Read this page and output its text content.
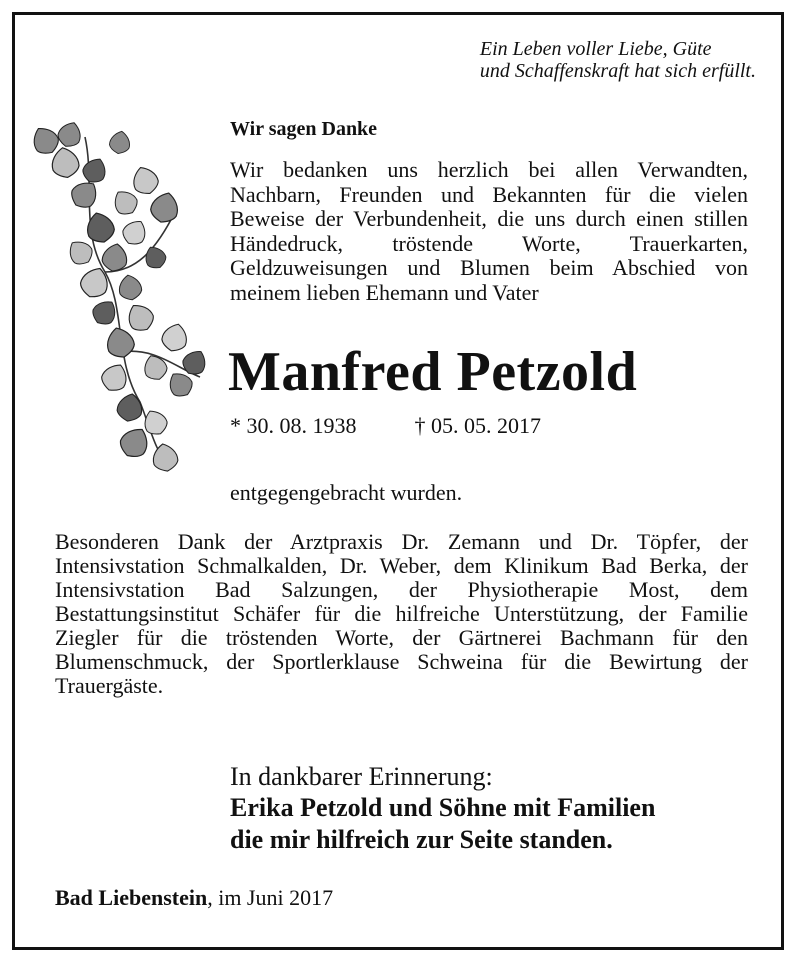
Ein Leben voller Liebe, Güte
und Schaffenskraft hat sich erfüllt.
Wir sagen Danke
Wir bedanken uns herzlich bei allen Verwandten, Nachbarn, Freunden und Bekannten für die vielen Beweise der Verbundenheit, die uns durch einen stillen Händedruck, tröstende Worte, Trauerkarten, Geldzuweisungen und Blumen beim Abschied von meinem lieben Ehemann und Vater
Manfred Petzold
* 30. 08. 1938	† 05. 05. 2017
entgegengebracht wurden.
Besonderen Dank der Arztpraxis Dr. Zemann und Dr. Töpfer, der Intensivstation Schmalkalden, Dr. Weber, dem Klinikum Bad Berka, der Intensivstation Bad Salzungen, der Physiotherapie Most, dem Bestattungsinstitut Schäfer für die hilfreiche Unterstützung, der Familie Ziegler für die tröstenden Worte, der Gärtnerei Bachmann für den Blumenschmuck, der Sportlerklause Schweina für die Bewirtung der Trauergäste.
In dankbarer Erinnerung:
Erika Petzold und Söhne mit Familien
die mir hilfreich zur Seite standen.
Bad Liebenstein, im Juni 2017
